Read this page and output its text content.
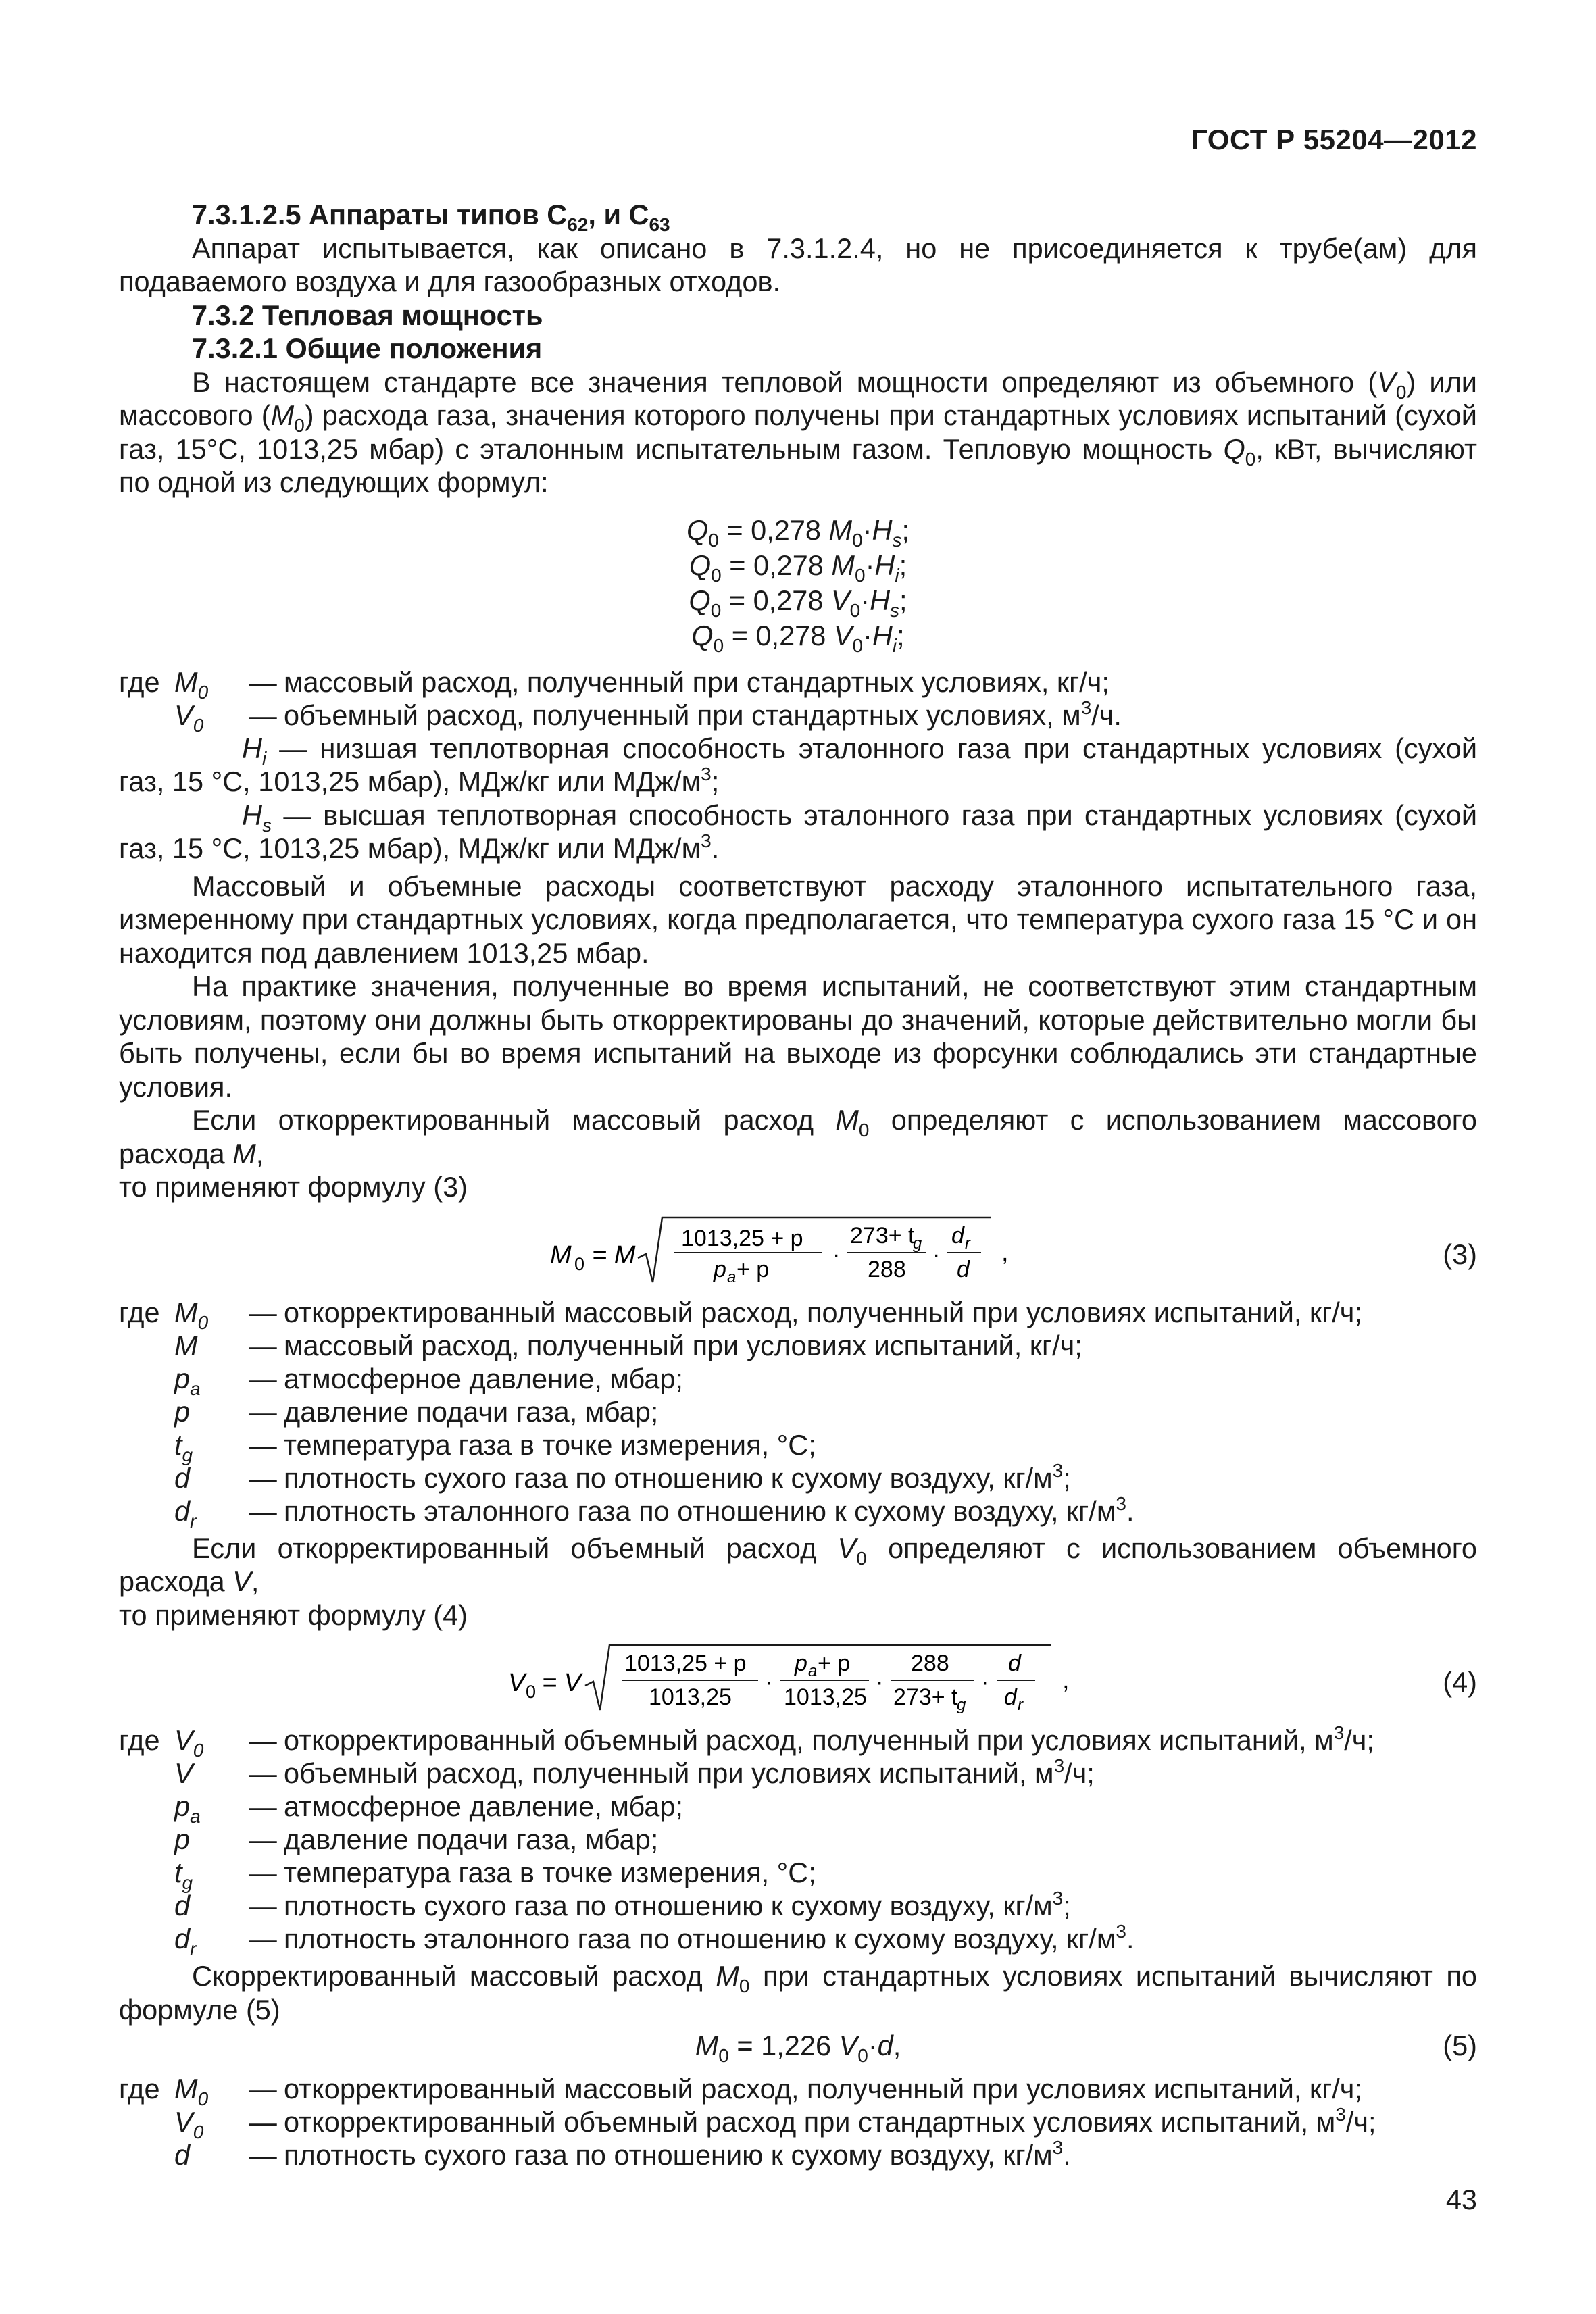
ГОСТ Р 55204—2012

7.3.1.2.5 Аппараты типов $С_{62}$, и $С_{63}$

Аппарат испытывается, как описано в 7.3.1.2.4, но не присоединяется к трубе(ам) для подаваемого воздуха и для газообразных отходов.

7.3.2 Тепловая мощность

7.3.2.1 Общие положения

В настоящем стандарте все значения тепловой мощности определяют из объемного $(V_0)$ или массового $(M_0)$ расхода газа, значения которого получены при стандартных условиях испытаний (сухой газ, 15°С, 1013,25 мбар) с эталонным испытательным газом. Тепловую мощность $Q_0$, кВт, вычисляют по одной из следующих формул:

$Q_0 = 0,278$ $M_0\cdot H_s$;
$Q_0 = 0,278$ $M_0\cdot H_i$;
$Q_0 = 0,278$ $V_0\cdot H_s$;
$Q_0 = 0,278$ $V_0\cdot H_i$;
где $M_0$	— массовый расход, полученный при стандартных условиях, кг/ч;
$V_0$	— объемный расход, полученный при стандартных условиях, $м^3/ч$.

$H_i$ — низшая теплотворная способность эталонного газа при стандартных условиях (сухой газ, 15 °С, 1013,25 мбар), МДж/кг или МДж/$м^3$;

$H_s$ — высшая теплотворная способность эталонного газа при стандартных условиях (сухой газ, 15 °С, 1013,25 мбар), МДж/кг или МДж/$м^3$.

Массовый и объемные расходы соответствуют расходу эталонного испытательного газа, измеренному при стандартных условиях, когда предполагается, что температура сухого газа 15 °С и он находится под давлением 1013,25 мбар.

На практике значения, полученные во время испытаний, не соответствуют этим стандартным условиям, поэтому они должны быть откорректированы до значений, которые действительно могли бы быть получены, если бы во время испытаний на выходе из форсунки соблюдались эти стандартные условия.

Если откорректированный массовый расход $M_0$ определяют с использованием массового расхода M,
то применяют формулу (3)

M 0 = M
1013,25 + p
p a + p
·
273+ t
g
288
·
d r
d
,	(3)
где $M_0$	— откорректированный массовый расход, полученный при условиях испытаний, кг/ч;
M	— массовый расход, полученный при условиях испытаний, кг/ч;
$p_a$	— атмосферное давление, мбар;
p	— давление подачи газа, мбар;
$t_g$	— температура газа в точке измерения, °С;
d	— плотность сухого газа по отношению к сухому воздуху, $кг/м^3$;
$d_r$	— плотность эталонного газа по отношению к сухому воздуху, $кг/м^3$.

Если откорректированный объемный расход $V_0$ определяют с использованием объемного расхода V,
то применяют формулу (4)

V 0 = V
1013,25 + p
1013,25
·
p a + p
1013,25
·
288
273+ t
g
·
d
d r
,	(4)
где $V_0$	— откорректированный объемный расход, полученный при условиях испытаний, $м^3/ч$;
V	— объемный расход, полученный при условиях испытаний, $м^3/ч$;
$p_a$	— атмосферное давление, мбар;
p	— давление подачи газа, мбар;
$t_g$	— температура газа в точке измерения, °С;
d	— плотность сухого газа по отношению к сухому воздуху, $кг/м^3$;
$d_r$	— плотность эталонного газа по отношению к сухому воздуху, $кг/м^3$.

Скорректированный массовый расход $M_0$ при стандартных условиях испытаний вычисляют по формуле (5)

$M_0 = 1,226$ $V_0\cdot d$,	(5)
где $M_0$	— откорректированный массовый расход, полученный при условиях испытаний, кг/ч;
$V_0$	— откорректированный объемный расход при стандартных условиях испытаний, $м^3/ч$;
d	— плотность сухого газа по отношению к сухому воздуху, $кг/м^3$.
43
